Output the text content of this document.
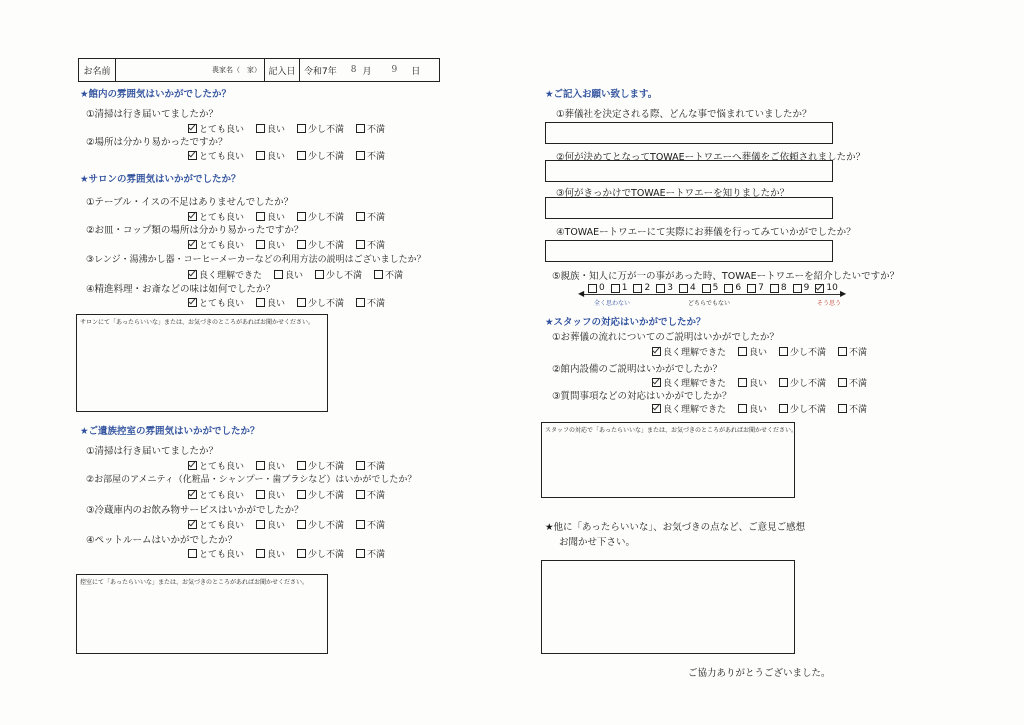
お名前	喪家名（	家） 記入日 令和7年 8 月 9 日
★館内の雰囲気はいかがでしたか？
①清掃は行き届いてましたか？
とても良い	良い	少し不満	不満
②場所は分かり易かったですか？
とても良い	良い	少し不満	不満
★サロンの雰囲気はいかがでしたか？
①テーブル・イスの不足はありませんでしたか？
とても良い	良い	少し不満	不満
②お皿・コップ類の場所は分かり易かったですか？
とても良い	良い	少し不満	不満
③レンジ・湯沸かし器・コーヒーメーカーなどの利用方法の説明はございましたか？
良く理解できた	良い	少し不満	不満
④精進料理・お斎などの味は如何でしたか？
とても良い	良い	少し不満	不満
サロンにて「あったらいいな」または、お気づきのところがあればお聞かせください。
★ご遺族控室の雰囲気はいかがでしたか？
①清掃は行き届いてましたか？
とても良い	良い	少し不満	不満
②お部屋のアメニティ（化粧品・シャンプー・歯ブラシなど）はいかがでしたか？
とても良い	良い	少し不満	不満
③冷蔵庫内のお飲み物サービスはいかがでしたか？
とても良い	良い	少し不満	不満
④ペットルームはいかがでしたか？
とても良い	良い	少し不満	不満
控室にて「あったらいいな」または、お気づきのところがあればお聞かせください。
★ご記入お願い致します。
①葬儀社を決定される際、どんな事で悩まれていましたか？
②何が決めてとなってTOWAEートワエーへ葬儀をご依頼されましたか？
③何がきっかけでTOWAEートワエーを知りましたか？
④TOWAEートワエーにて実際にお葬儀を行ってみていかがでしたか？
⑤親族・知人に万が一の事があった時、TOWAEートワエーを紹介したいですか？
0 1 2 3 4 5 6 7 8 9 10
◀	▶
全く思わない	どちらでもない	そう思う
★スタッフの対応はいかがでしたか？
①お葬儀の流れについてのご説明はいかがでしたか？
良く理解できた	良い	少し不満	不満
②館内設備のご説明はいかがでしたか？
良く理解できた	良い	少し不満	不満
③質問事項などの対応はいかがでしたか？
良く理解できた	良い	少し不満	不満
スタッフの対応で「あったらいいな」または、お気づきのところがあればお聞かせください。
★他に「あったらいいな」、お気づきの点など、ご意見ご感想
お聞かせ下さい。
ご協力ありがとうございました。
